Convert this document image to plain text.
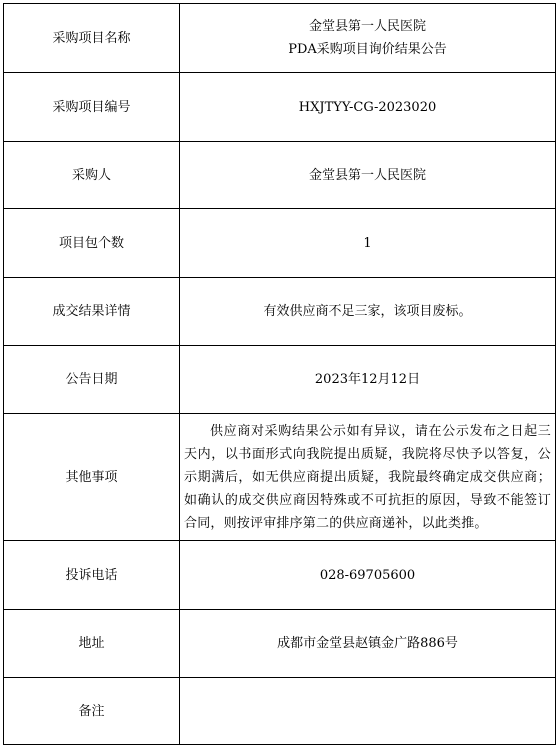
采购项目名称	金堂县第一人民医院
PDA采购项目询价结果公告

采购项目编号	HXJTYY-CG-2023020
采购人	金堂县第一人民医院
项目包个数	1
成交结果详情	有效供应商不足三家，该项目废标。
公告日期	2023年12月12日
其他事项	供应商对采购结果公示如有异议，请在公示发布之日起三天内，以书面形式向我院提出质疑，我院将尽快予以答复，公示期满后，如无供应商提出质疑，我院最终确定成交供应商；如确认的成交供应商因特殊或不可抗拒的原因，导致不能签订合同，则按评审排序第二的供应商递补，以此类推。

投诉电话	028-69705600
地址	成都市金堂县赵镇金广路886号
备注	
